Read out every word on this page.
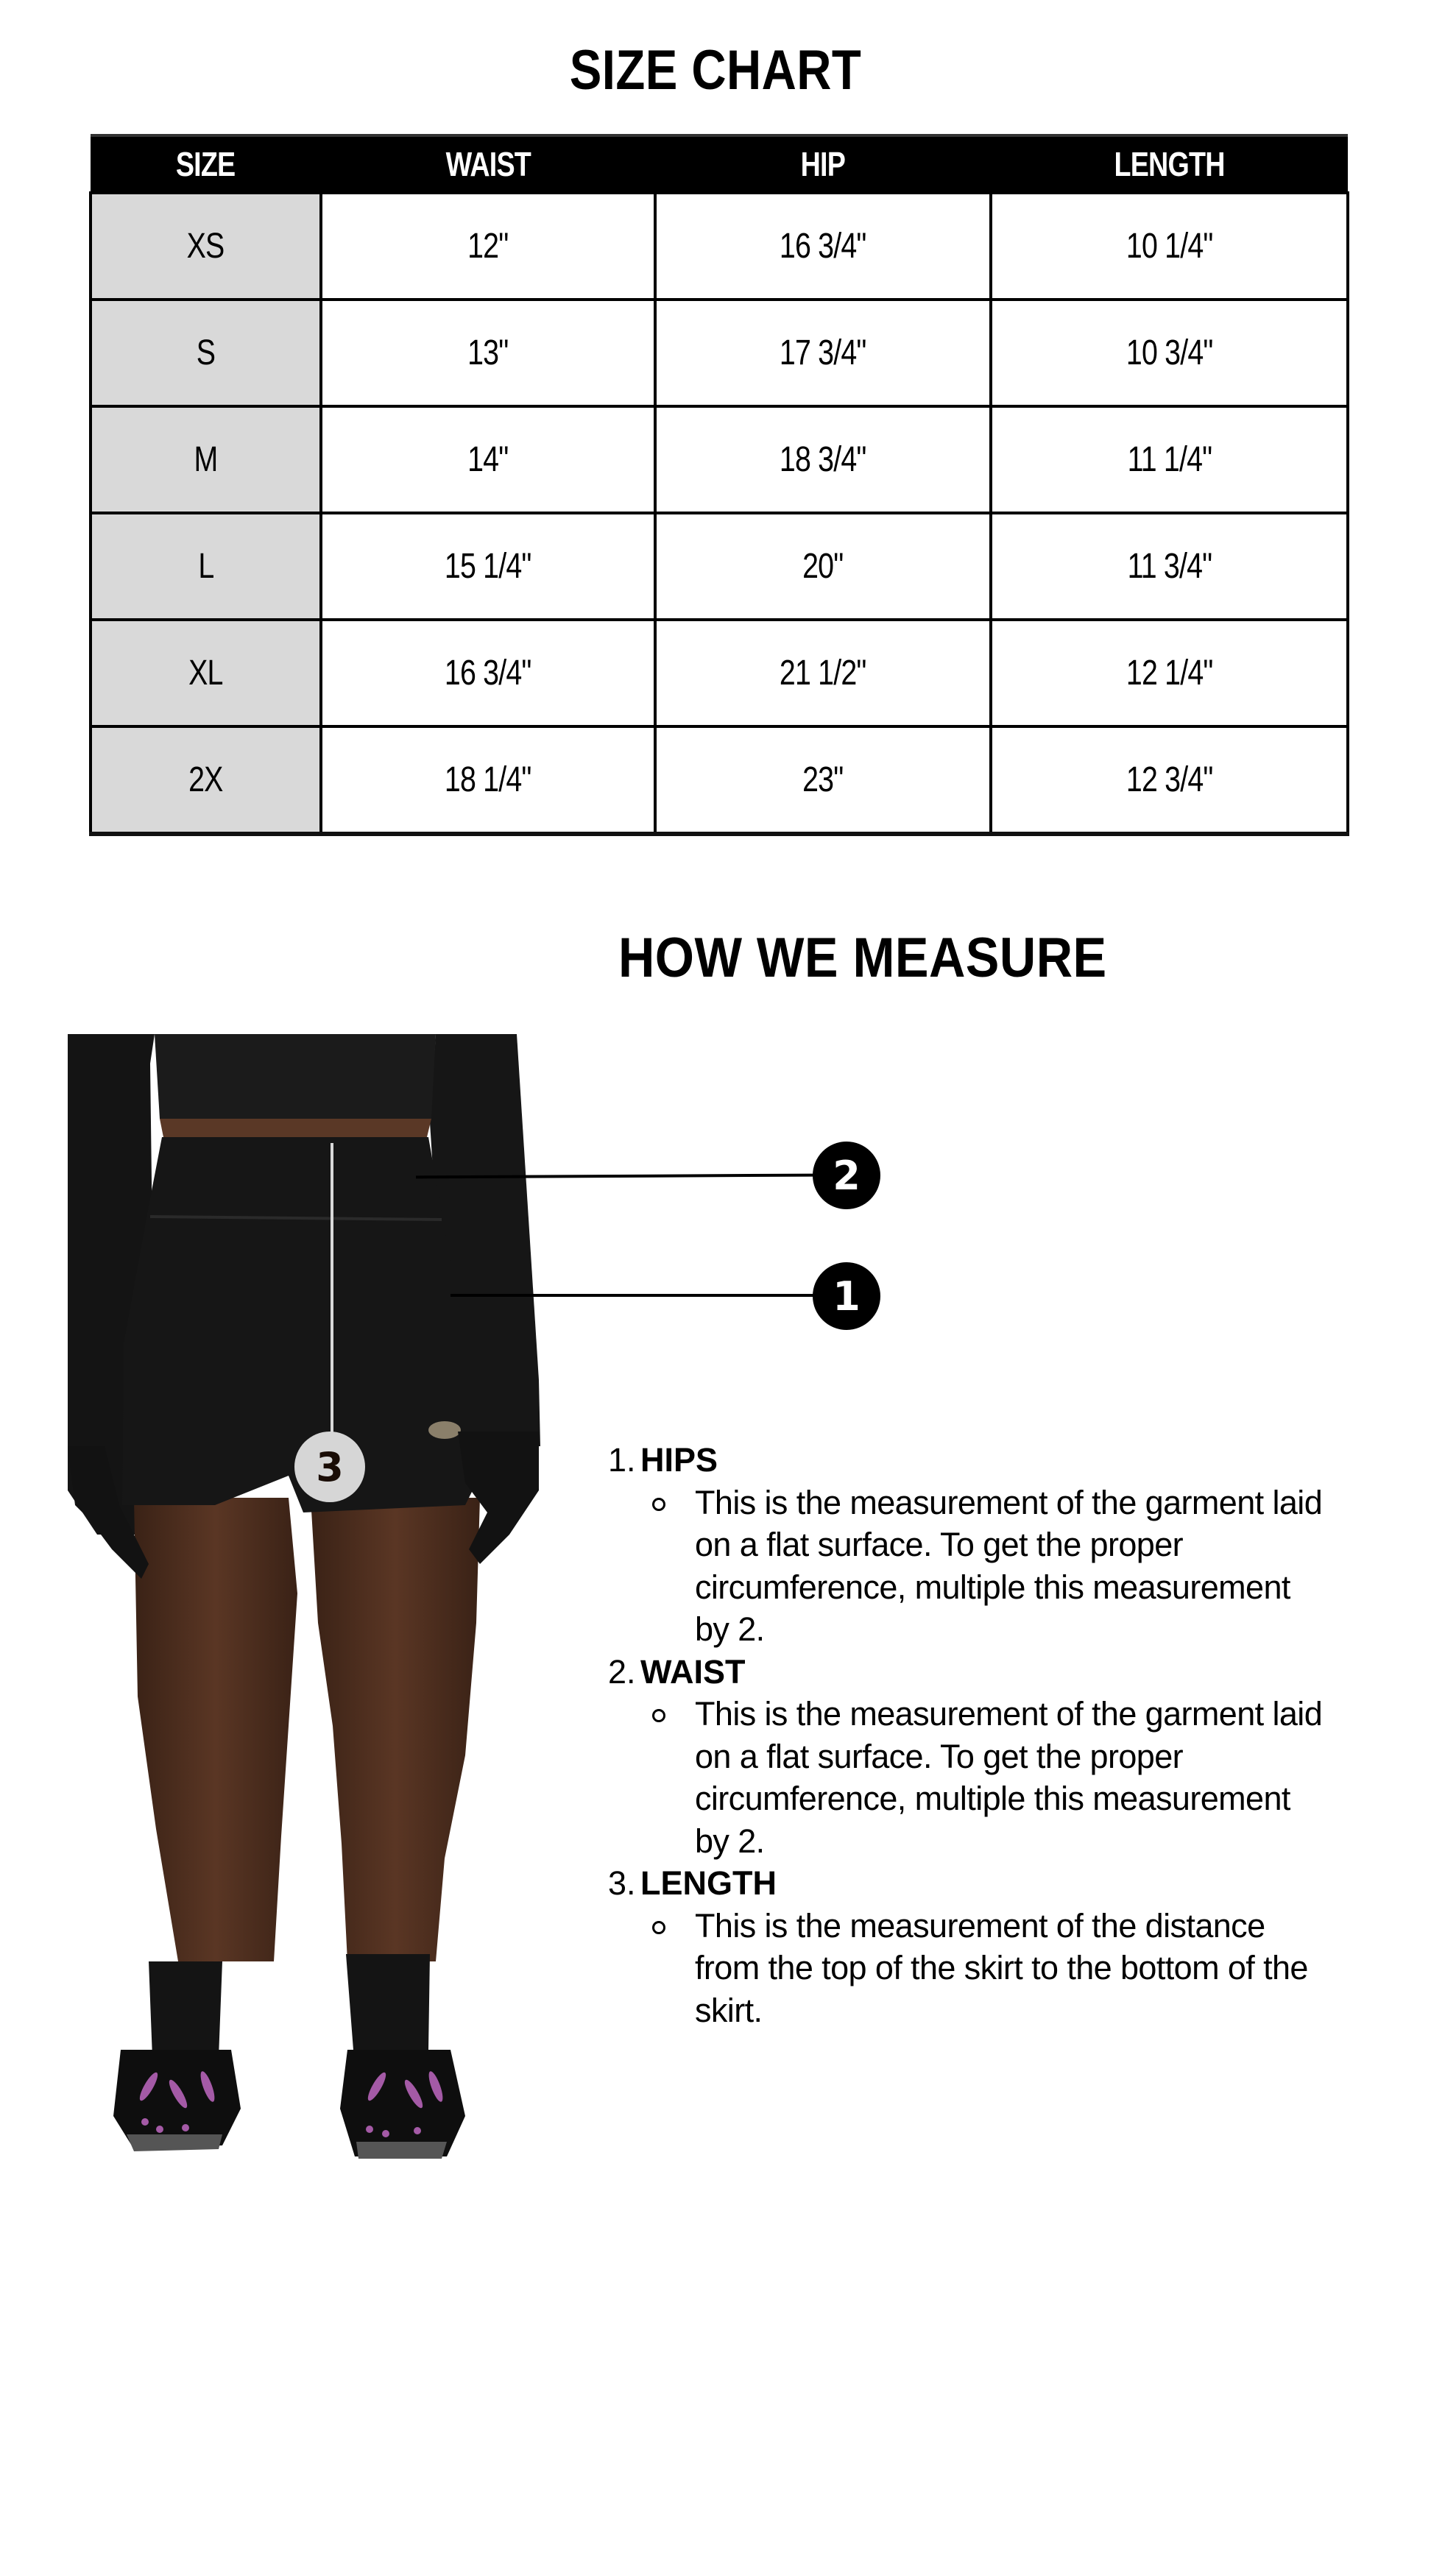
SIZE CHART
SIZE	WAIST	HIP	LENGTH
XS	12"	16 3/4"	10 1/4"
S	13"	17 3/4"	10 3/4"
M	14"	18 3/4"	11 1/4"
L	15 1/4"	20"	11 3/4"
XL	16 3/4"	21 1/2"	12 1/4"
2X	18 1/4"	23"	12 3/4"
HOW WE MEASURE
2
1
3	1. HIPS
This is the measurement of the garment laid on a flat surface. To get the proper circumference, multiple this measurement by 2.
2. WAIST
This is the measurement of the garment laid on a flat surface. To get the proper circumference, multiple this measurement by 2.
3. LENGTH
This is the measurement of the distance from the top of the skirt to the bottom of the skirt.
